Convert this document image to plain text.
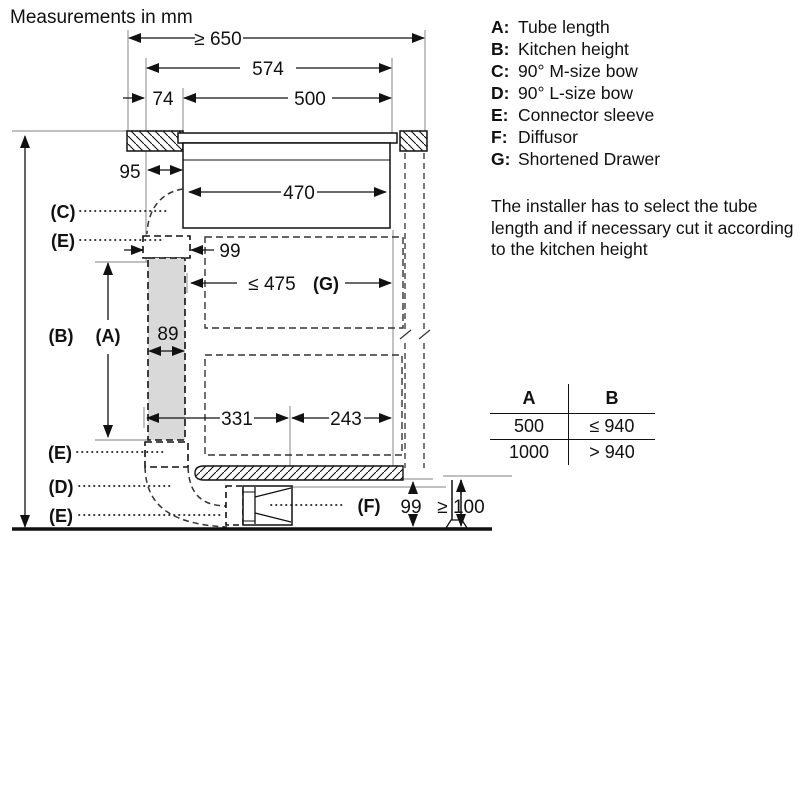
Measurements in mm
≥ 650
574
74	500
95
470
99
≤ 475 (G)
89
331	243
99 ≥ 100
(C)
(E)
(A)
(B)
(E)
(D)
(E)	(F)
A: Tube length
B: Kitchen height
C: 90° M-size bow
D: 90° L-size bow
E: Connector sleeve
F: Diffusor
G: Shortened Drawer
The installer has to select the tube length and if necessary cut it according to the kitchen height
A	B
500	≤ 940
1000	> 940
